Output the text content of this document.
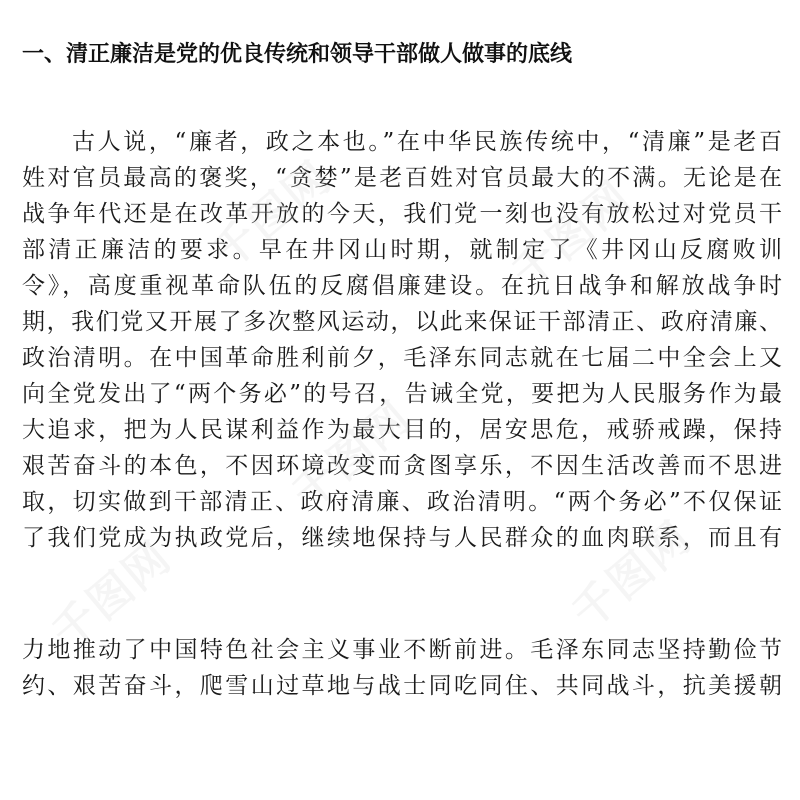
一、清正廉洁是党的优良传统和领导干部做人做事的底线
古人说，“廉者，政之本也。”在中华民族传统中，“清廉”是老百
姓对官员最高的褒奖，“贪婪”是老百姓对官员最大的不满。无论是在
战争年代还是在改革开放的今天，我们党一刻也没有放松过对党员干
部清正廉洁的要求。早在井冈山时期，就制定了《井冈山反腐败训
令》，高度重视革命队伍的反腐倡廉建设。在抗日战争和解放战争时
期，我们党又开展了多次整风运动，以此来保证干部清正、政府清廉、
政治清明。在中国革命胜利前夕，毛泽东同志就在七届二中全会上又
向全党发出了“两个务必”的号召，告诫全党，要把为人民服务作为最
大追求，把为人民谋利益作为最大目的，居安思危，戒骄戒躁，保持
艰苦奋斗的本色，不因环境改变而贪图享乐，不因生活改善而不思进
取，切实做到干部清正、政府清廉、政治清明。“两个务必”不仅保证
了我们党成为执政党后，继续地保持与人民群众的血肉联系，而且有
力地推动了中国特色社会主义事业不断前进。毛泽东同志坚持勤俭节
约、艰苦奋斗，爬雪山过草地与战士同吃同住、共同战斗，抗美援朝
千图网	千图网
千图网
千图网
千图网
